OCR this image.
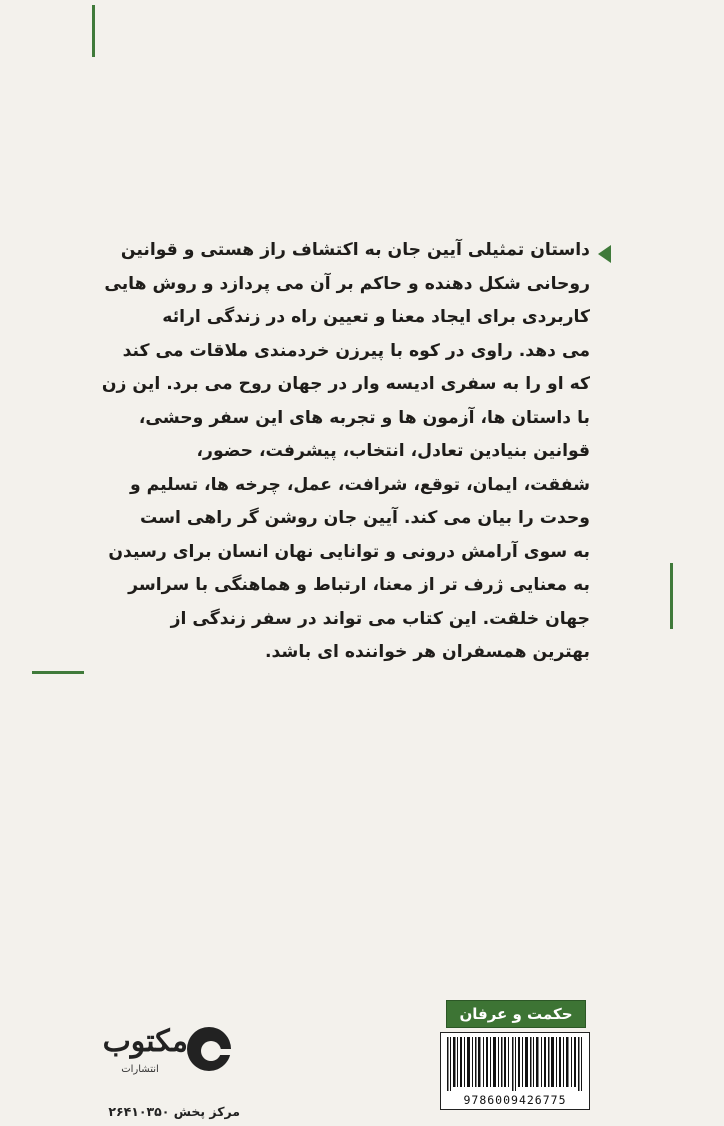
داستان تمثیلی آیین جان به اکتشاف راز هستی و قوانین
روحانی شکل دهنده و حاکم بر آن می پردازد و روش هایی
کاربردی برای ایجاد معنا و تعیین راه در زندگی ارائه
می دهد. راوی در کوه با پیرزن خردمندی ملاقات می کند
که او را به سفری ادیسه وار در جهان روح می برد. این زن
با داستان ها، آزمون ها و تجربه های این سفر وحشی،
قوانین بنیادین تعادل، انتخاب، پیشرفت، حضور،
شفقت، ایمان، توقع، شرافت، عمل، چرخه ها، تسلیم و
وحدت را بیان می کند. آیین جان روشن گر راهی است
به سوی آرامش درونی و توانایی نهان انسان برای رسیدن
به معنایی ژرف تر از معنا، ارتباط و هماهنگی با سراسر
جهان خلقت. این کتاب می تواند در سفر زندگی از
بهترین همسفران هر خواننده ای باشد.
حکمت و عرفان
9786009426775
مکتوب
انتشارات
مرکز پخش ۲۶۴۱۰۳۵۰
